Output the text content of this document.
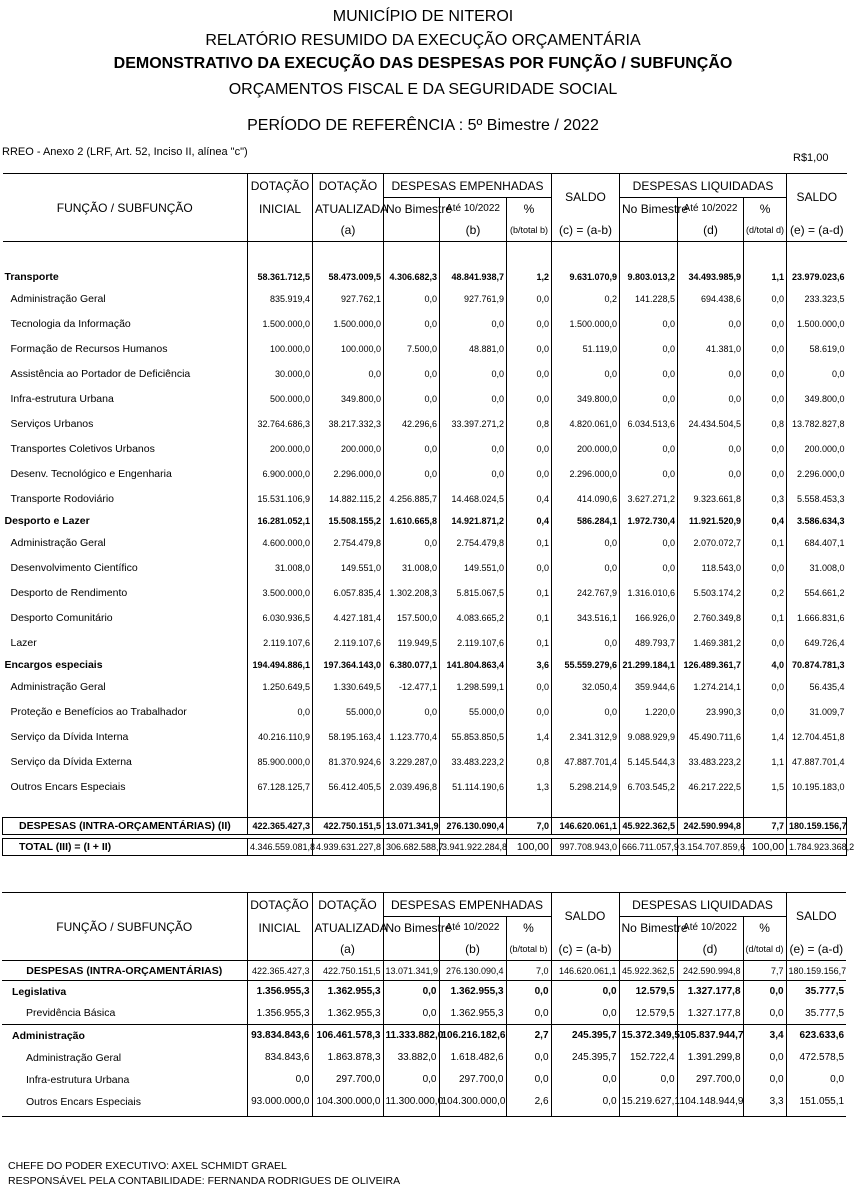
MUNICÍPIO DE NITEROI
RELATÓRIO RESUMIDO DA EXECUÇÃO ORÇAMENTÁRIA
DEMONSTRATIVO DA EXECUÇÃO DAS DESPESAS POR FUNÇÃO / SUBFUNÇÃO
ORÇAMENTOS FISCAL E DA SEGURIDADE SOCIAL
PERÍODO DE REFERÊNCIA : 5º Bimestre / 2022
RREO - Anexo 2 (LRF, Art. 52, Inciso II, alínea "c")	R$1,00
FUNÇÃO / SUBFUNÇÃO	DOTAÇÃO	DOTAÇÃO	DESPESAS EMPENHADAS			SALDO	DESPESAS LIQUIDADAS			SALDO
	INICIAL	ATUALIZADA	No Bimestre	Até 10/2022	%		No Bimestre	Até 10/2022	%	
		(a)		(b)	(b/total b)	(c) = (a-b)		(d)	(d/total d)	(e) = (a-d)

Transporte	58.361.712,5	58.473.009,5	4.306.682,3	48.841.938,7	1,2	9.631.070,9	9.803.013,2	34.493.985,9	1,1	23.979.023,6
Administração Geral	835.919,4	927.762,1	0,0	927.761,9	0,0	0,2	141.228,5	694.438,6	0,0	233.323,5
Tecnologia da Informação	1.500.000,0	1.500.000,0	0,0	0,0	0,0	1.500.000,0	0,0	0,0	0,0	1.500.000,0
Formação de Recursos Humanos	100.000,0	100.000,0	7.500,0	48.881,0	0,0	51.119,0	0,0	41.381,0	0,0	58.619,0
Assistência ao Portador de Deficiência	30.000,0	0,0	0,0	0,0	0,0	0,0	0,0	0,0	0,0	0,0
Infra-estrutura Urbana	500.000,0	349.800,0	0,0	0,0	0,0	349.800,0	0,0	0,0	0,0	349.800,0
Serviços Urbanos	32.764.686,3	38.217.332,3	42.296,6	33.397.271,2	0,8	4.820.061,0	6.034.513,6	24.434.504,5	0,8	13.782.827,8
Transportes Coletivos Urbanos	200.000,0	200.000,0	0,0	0,0	0,0	200.000,0	0,0	0,0	0,0	200.000,0
Desenv. Tecnológico e Engenharia	6.900.000,0	2.296.000,0	0,0	0,0	0,0	2.296.000,0	0,0	0,0	0,0	2.296.000,0
Transporte Rodoviário	15.531.106,9	14.882.115,2	4.256.885,7	14.468.024,5	0,4	414.090,6	3.627.271,2	9.323.661,8	0,3	5.558.453,3
Desporto e Lazer	16.281.052,1	15.508.155,2	1.610.665,8	14.921.871,2	0,4	586.284,1	1.972.730,4	11.921.520,9	0,4	3.586.634,3
Administração Geral	4.600.000,0	2.754.479,8	0,0	2.754.479,8	0,1	0,0	0,0	2.070.072,7	0,1	684.407,1
Desenvolvimento Científico	31.008,0	149.551,0	31.008,0	149.551,0	0,0	0,0	0,0	118.543,0	0,0	31.008,0
Desporto de Rendimento	3.500.000,0	6.057.835,4	1.302.208,3	5.815.067,5	0,1	242.767,9	1.316.010,6	5.503.174,2	0,2	554.661,2
Desporto Comunitário	6.030.936,5	4.427.181,4	157.500,0	4.083.665,2	0,1	343.516,1	166.926,0	2.760.349,8	0,1	1.666.831,6
Lazer	2.119.107,6	2.119.107,6	119.949,5	2.119.107,6	0,1	0,0	489.793,7	1.469.381,2	0,0	649.726,4
Encargos especiais	194.494.886,1	197.364.143,0	6.380.077,1	141.804.863,4	3,6	55.559.279,6	21.299.184,1	126.489.361,7	4,0	70.874.781,3
Administração Geral	1.250.649,5	1.330.649,5	-12.477,1	1.298.599,1	0,0	32.050,4	359.944,6	1.274.214,1	0,0	56.435,4
Proteção e Benefícios ao Trabalhador	0,0	55.000,0	0,0	55.000,0	0,0	0,0	1.220,0	23.990,3	0,0	31.009,7
Serviço da Dívida Interna	40.216.110,9	58.195.163,4	1.123.770,4	55.853.850,5	1,4	2.341.312,9	9.088.929,9	45.490.711,6	1,4	12.704.451,8
Serviço da Dívida Externa	85.900.000,0	81.370.924,6	3.229.287,0	33.483.223,2	0,8	47.887.701,4	5.145.544,3	33.483.223,2	1,1	47.887.701,4
Outros Encars Especiais	67.128.125,7	56.412.405,5	2.039.496,8	51.114.190,6	1,3	5.298.214,9	6.703.545,2	46.217.222,5	1,5	10.195.183,0

DESPESAS (INTRA-ORÇAMENTÁRIAS) (II)	422.365.427,3	422.750.151,5	13.071.341,9	276.130.090,4	7,0	146.620.061,1	45.922.362,5	242.590.994,8	7,7	180.159.156,7

TOTAL (III) = (I + II)	4.346.559.081,8	4.939.631.227,8	306.682.588,7	3.941.922.284,8	100,00	997.708.943,0	666.711.057,9	3.154.707.859,6	100,00	1.784.923.368,2
FUNÇÃO / SUBFUNÇÃO	DOTAÇÃO	DOTAÇÃO	DESPESAS EMPENHADAS			SALDO	DESPESAS LIQUIDADAS			SALDO
	INICIAL	ATUALIZADA	No Bimestre	Até 10/2022	%		No Bimestre	Até 10/2022	%	
		(a)		(b)	(b/total b)	(c) = (a-b)		(d)	(d/total d)	(e) = (a-d)
DESPESAS (INTRA-ORÇAMENTÁRIAS)	422.365.427,3	422.750.151,5	13.071.341,9	276.130.090,4	7,0	146.620.061,1	45.922.362,5	242.590.994,8	7,7	180.159.156,7
Legislativa	1.356.955,3	1.362.955,3	0,0	1.362.955,3	0,0	0,0	12.579,5	1.327.177,8	0,0	35.777,5
Previdência Básica	1.356.955,3	1.362.955,3	0,0	1.362.955,3	0,0	0,0	12.579,5	1.327.177,8	0,0	35.777,5
Administração	93.834.843,6	106.461.578,3	11.333.882,0	106.216.182,6	2,7	245.395,7	15.372.349,5	105.837.944,7	3,4	623.633,6
Administração Geral	834.843,6	1.863.878,3	33.882,0	1.618.482,6	0,0	245.395,7	152.722,4	1.391.299,8	0,0	472.578,5
Infra-estrutura Urbana	0,0	297.700,0	0,0	297.700,0	0,0	0,0	0,0	297.700,0	0,0	0,0
Outros Encars Especiais	93.000.000,0	104.300.000,0	11.300.000,0	104.300.000,0	2,6	0,0	15.219.627,1	104.148.944,9	3,3	151.055,1

CHEFE DO PODER EXECUTIVO: AXEL SCHMIDT GRAEL
RESPONSÁVEL PELA CONTABILIDADE: FERNANDA RODRIGUES DE OLIVEIRA
